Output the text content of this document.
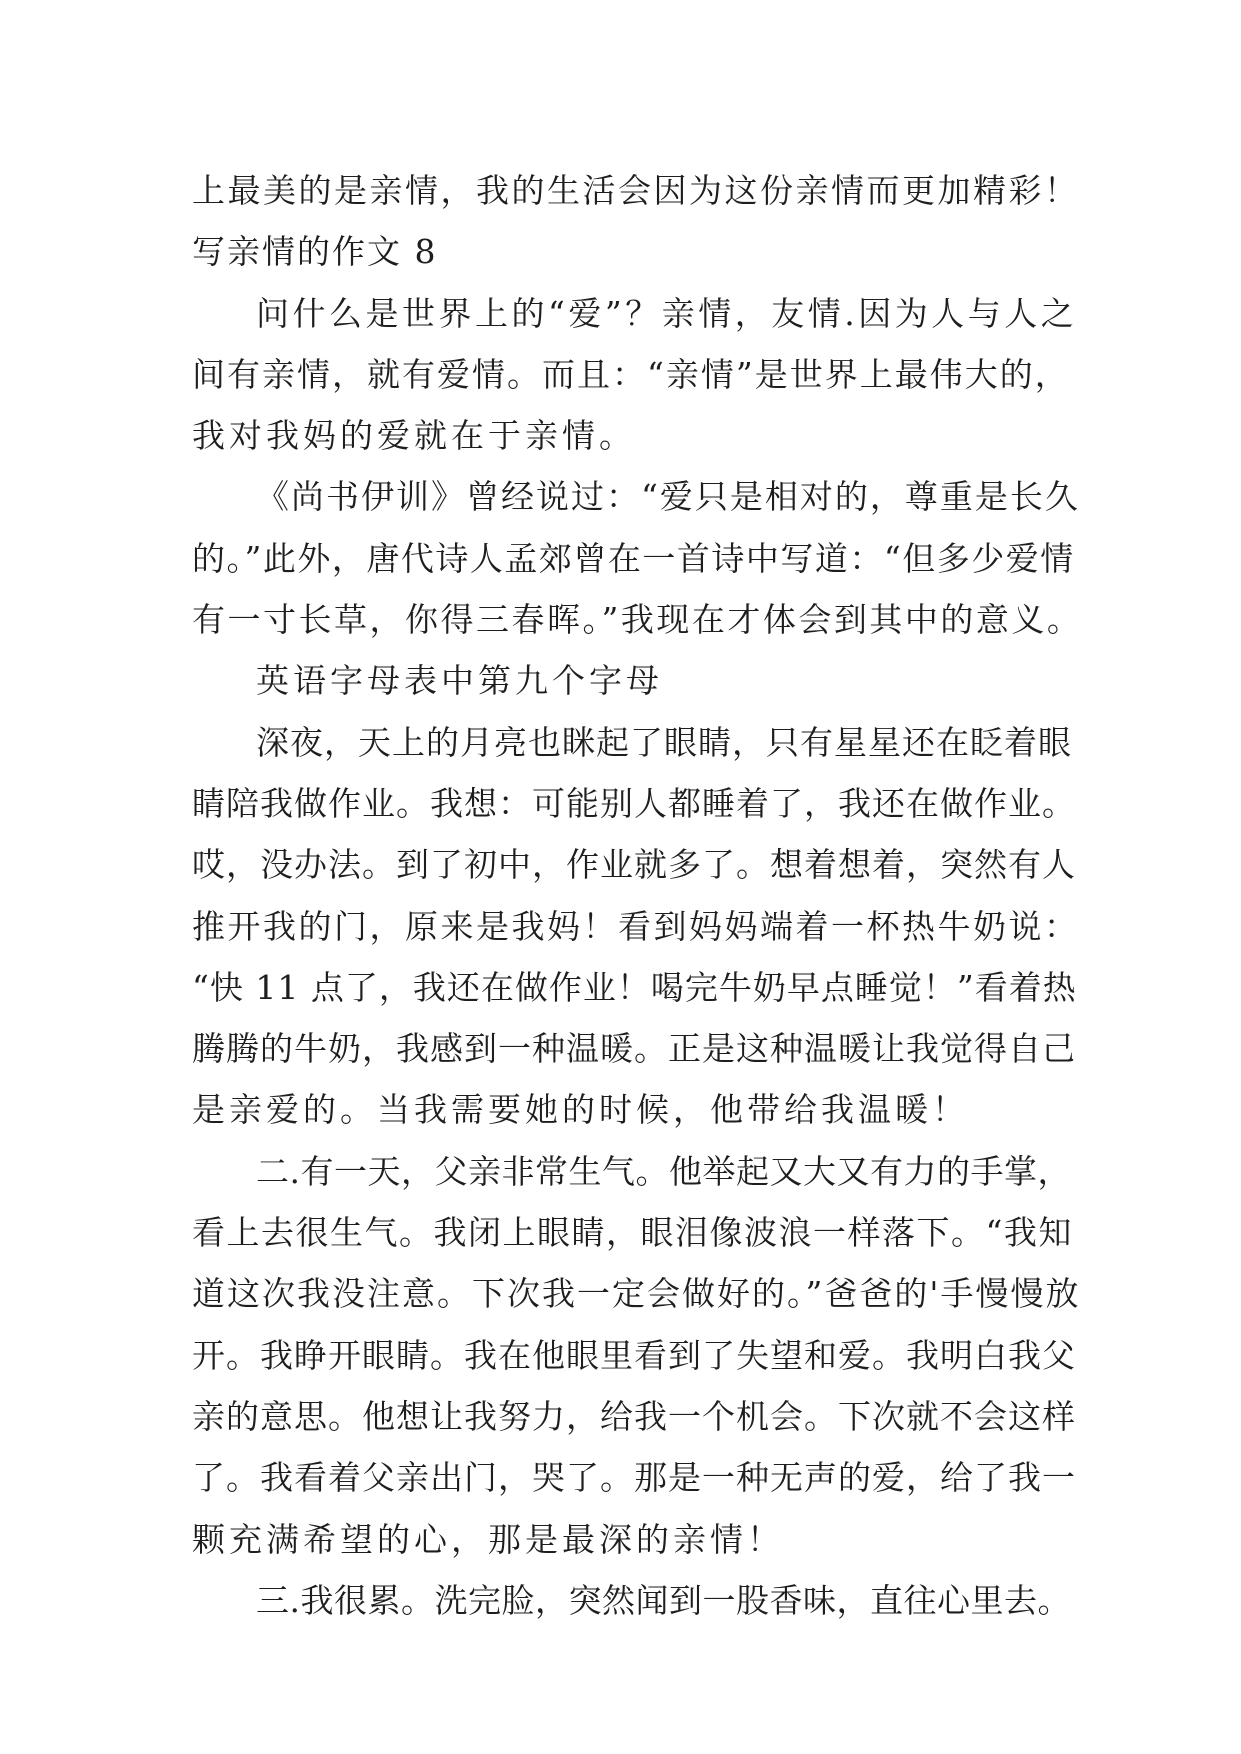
上最美的是亲情，我的生活会因为这份亲情而更加精彩！
写亲情的作文 8
问什么是世界上的“爱”？亲情，友情.因为人与人之
间有亲情，就有爱情。而且：“亲情”是世界上最伟大的，
我对我妈的爱就在于亲情。
《尚书伊训》曾经说过：“爱只是相对的，尊重是长久
的。”此外，唐代诗人孟郊曾在一首诗中写道：“但多少爱情
有一寸长草，你得三春晖。”我现在才体会到其中的意义。
英语字母表中第九个字母
深夜，天上的月亮也眯起了眼睛，只有星星还在眨着眼
睛陪我做作业。我想：可能别人都睡着了，我还在做作业。
哎，没办法。到了初中，作业就多了。想着想着，突然有人
推开我的门，原来是我妈！看到妈妈端着一杯热牛奶说：
“快 11 点了，我还在做作业！喝完牛奶早点睡觉！”看着热
腾腾的牛奶，我感到一种温暖。正是这种温暖让我觉得自己
是亲爱的。当我需要她的时候，他带给我温暖！
二.有一天，父亲非常生气。他举起又大又有力的手掌，
看上去很生气。我闭上眼睛，眼泪像波浪一样落下。“我知
道这次我没注意。下次我一定会做好的。”爸爸的'手慢慢放
开。我睁开眼睛。我在他眼里看到了失望和爱。我明白我父
亲的意思。他想让我努力，给我一个机会。下次就不会这样
了。我看着父亲出门，哭了。那是一种无声的爱，给了我一
颗充满希望的心，那是最深的亲情！
三.我很累。洗完脸，突然闻到一股香味，直往心里去。
